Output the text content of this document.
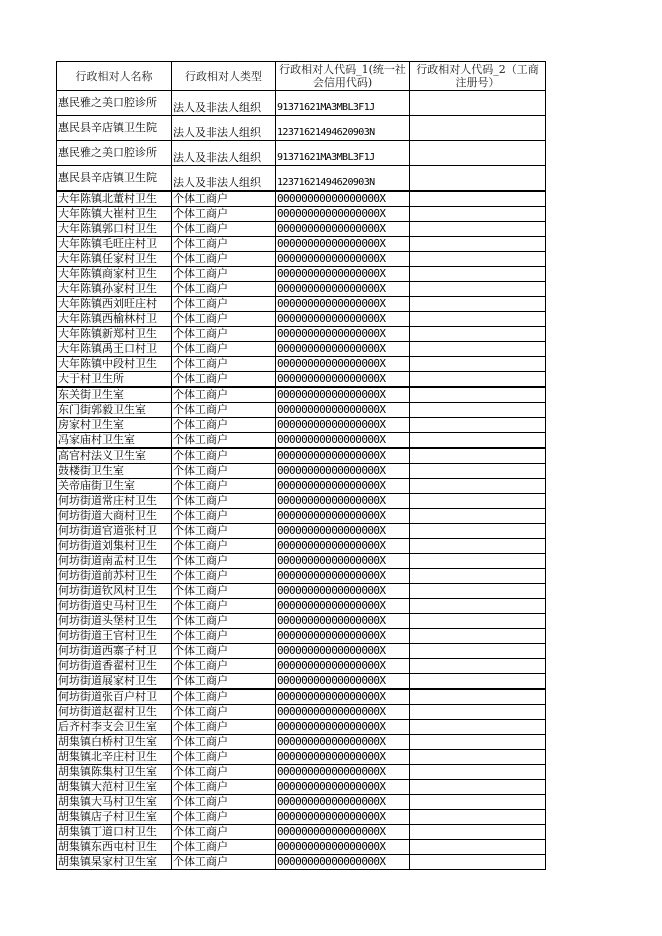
行政相对人名称	行政相对人类型	行政相对人代码_1(统一社会信用代码)	行政相对人代码_2（工商注册号）
惠民雅之美口腔诊所	法人及非法人组织	91371621MA3MBL3F1J	
惠民县辛店镇卫生院	法人及非法人组织	12371621494620903N	
惠民雅之美口腔诊所	法人及非法人组织	91371621MA3MBL3F1J	
惠民县辛店镇卫生院	法人及非法人组织	12371621494620903N	
大年陈镇北董村卫生	个体工商户	00000000000000000X	
大年陈镇大崔村卫生	个体工商户	00000000000000000X	
大年陈镇郭口村卫生	个体工商户	00000000000000000X	
大年陈镇毛旺庄村卫	个体工商户	00000000000000000X	
大年陈镇任家村卫生	个体工商户	00000000000000000X	
大年陈镇商家村卫生	个体工商户	00000000000000000X	
大年陈镇孙家村卫生	个体工商户	00000000000000000X	
大年陈镇西刘旺庄村	个体工商户	00000000000000000X	
大年陈镇西榆林村卫	个体工商户	00000000000000000X	
大年陈镇新郑村卫生	个体工商户	00000000000000000X	
大年陈镇禹王口村卫	个体工商户	00000000000000000X	
大年陈镇中段村卫生	个体工商户	00000000000000000X	
大于村卫生所	个体工商户	00000000000000000X	
东关街卫生室	个体工商户	00000000000000000X	
东门街郭毅卫生室	个体工商户	00000000000000000X	
房家村卫生室	个体工商户	00000000000000000X	
冯家庙村卫生室	个体工商户	00000000000000000X	
高官村法义卫生室	个体工商户	00000000000000000X	
鼓楼街卫生室	个体工商户	00000000000000000X	
关帝庙街卫生室	个体工商户	00000000000000000X	
何坊街道常庄村卫生	个体工商户	00000000000000000X	
何坊街道大商村卫生	个体工商户	00000000000000000X	
何坊街道官道张村卫	个体工商户	00000000000000000X	
何坊街道刘集村卫生	个体工商户	00000000000000000X	
何坊街道南孟村卫生	个体工商户	00000000000000000X	
何坊街道前苏村卫生	个体工商户	00000000000000000X	
何坊街道钦风村卫生	个体工商户	00000000000000000X	
何坊街道史马村卫生	个体工商户	00000000000000000X	
何坊街道头堡村卫生	个体工商户	00000000000000000X	
何坊街道王官村卫生	个体工商户	00000000000000000X	
何坊街道西寨子村卫	个体工商户	00000000000000000X	
何坊街道香翟村卫生	个体工商户	00000000000000000X	
何坊街道展家村卫生	个体工商户	00000000000000000X	
何坊街道张百户村卫	个体工商户	00000000000000000X	
何坊街道赵翟村卫生	个体工商户	00000000000000000X	
后齐村李支会卫生室	个体工商户	00000000000000000X	
胡集镇白桥村卫生室	个体工商户	00000000000000000X	
胡集镇北辛庄村卫生	个体工商户	00000000000000000X	
胡集镇陈集村卫生室	个体工商户	00000000000000000X	
胡集镇大范村卫生室	个体工商户	00000000000000000X	
胡集镇大马村卫生室	个体工商户	00000000000000000X	
胡集镇店子村卫生室	个体工商户	00000000000000000X	
胡集镇丁道口村卫生	个体工商户	00000000000000000X	
胡集镇东西屯村卫生	个体工商户	00000000000000000X	
胡集镇杲家村卫生室	个体工商户	00000000000000000X	
